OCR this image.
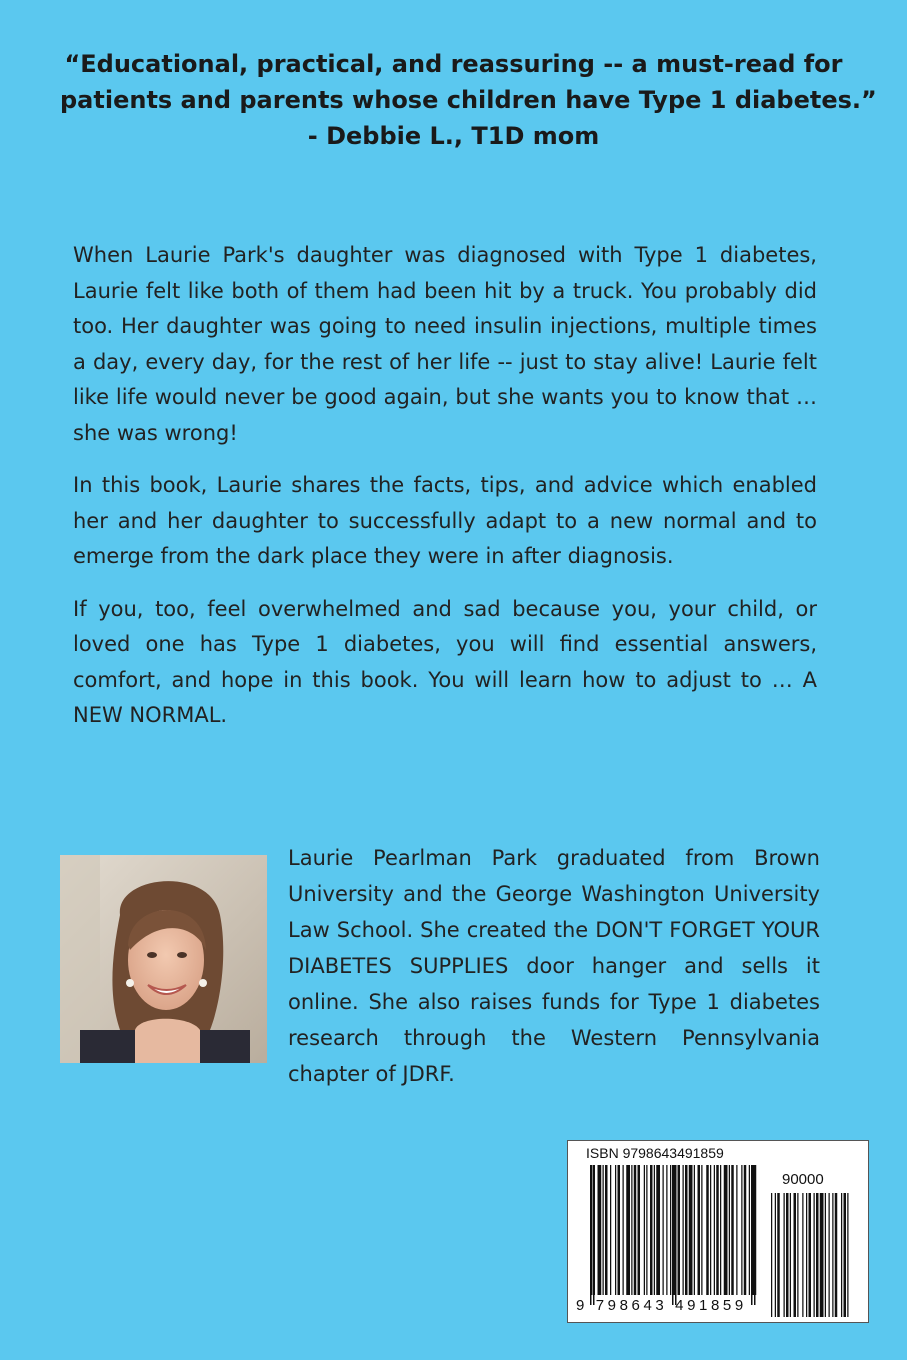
“Educational, practical, and reassuring -- a must-read for
patients and parents whose children have Type 1 diabetes.”
- Debbie L., T1D mom

When Laurie Park's daughter was diagnosed with Type 1 diabetes, Laurie felt like both of them had been hit by a truck. You probably did too. Her daughter was going to need insulin injections, multiple times a day, every day, for the rest of her life -- just to stay alive! Laurie felt like life would never be good again, but she wants you to know that … she was wrong!

In this book, Laurie shares the facts, tips, and advice which enabled her and her daughter to successfully adapt to a new normal and to emerge from the dark place they were in after diagnosis.

If you, too, feel overwhelmed and sad because you, your child, or loved one has Type 1 diabetes, you will find essential answers, comfort, and hope in this book. You will learn how to adjust to … A NEW NORMAL.

Laurie Pearlman Park graduated from Brown University and the George Washington University Law School. She created the DON'T FORGET YOUR DIABETES SUPPLIES door hanger and sells it online. She also raises funds for Type 1 diabetes research through the Western Pennsylvania chapter of JDRF.

ISBN 9798643491859
90000
9 798643 491859
